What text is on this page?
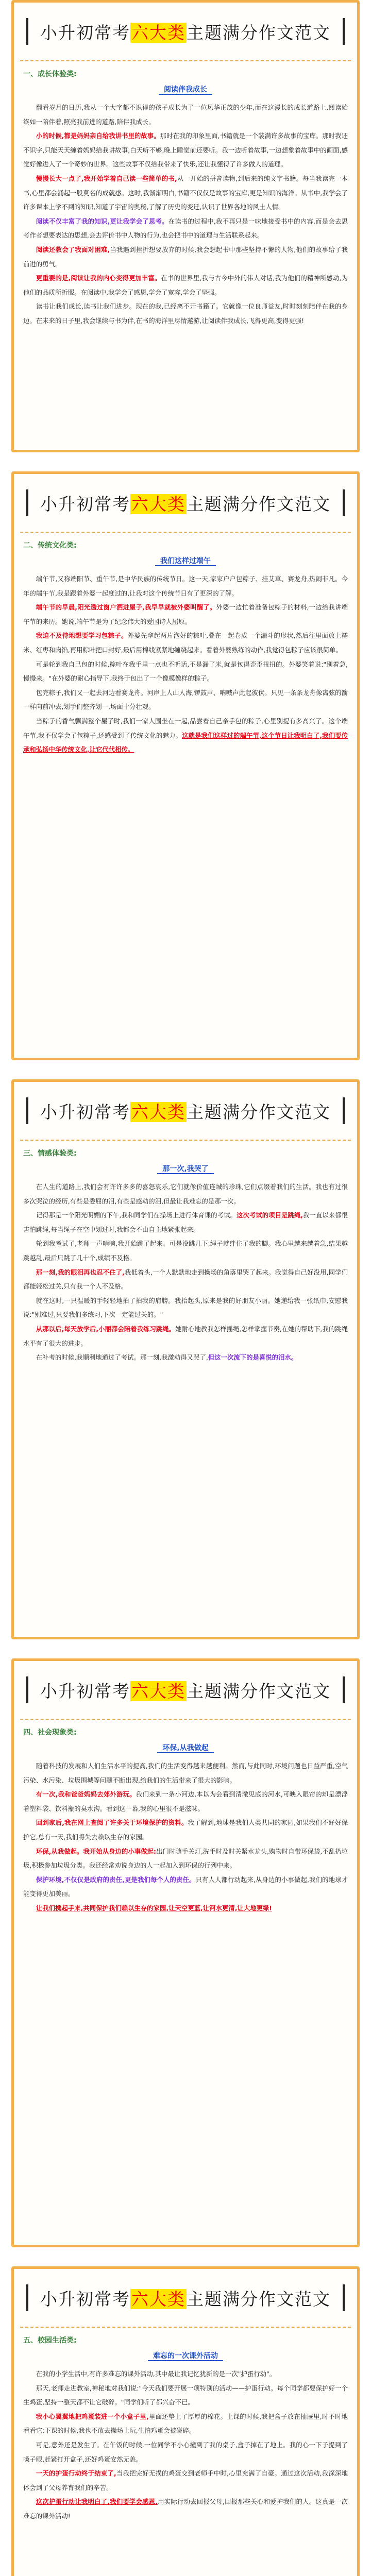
小升初常考六大类主题满分作文范文
一、成长体验类:
阅读伴我成长

翻看岁月的日历,我从一个大字都不识得的孩子成长为了一位风华正茂的少年,而在这漫长的成长道路上,阅读始终如一陪伴着,照亮我前进的道路,陪伴我成长。

小的时候,都是妈妈亲自给我讲书里的故事。那时在我的印象里面,书籍就是一个装满许多故事的宝库。那时我还不识字,只能天天缠着妈妈给我讲故事,白天听不够,晚上睡觉前还要听。我一边听着故事,一边想象着故事中的画面,感觉好像进入了一个奇妙的世界。这些故事不仅给我带来了快乐,还让我懂得了许多做人的道理。

慢慢长大一点了,我开始学着自己读一些简单的书,从一开始的拼音读物,到后来的纯文字书籍。每当我读完一本书,心里都会涌起一股莫名的成就感。这时,我渐渐明白,书籍不仅仅是故事的宝库,更是知识的海洋。从书中,我学会了许多课本上学不到的知识,知道了宇宙的奥秘,了解了历史的变迁,认识了世界各地的风土人情。

阅读不仅丰富了我的知识,更让我学会了思考。在读书的过程中,我不再只是一味地接受书中的内容,而是会去思考作者想要表达的思想,会去评价书中人物的行为,也会把书中的道理与生活联系起来。

阅读还教会了我面对困难,当我遇到挫折想要放弃的时候,我会想起书中那些坚持不懈的人物,他们的故事给了我前进的勇气。

更重要的是,阅读让我的内心变得更加丰富。在书的世界里,我与古今中外的伟人对话,我为他们的精神所感动,为他们的品质所折服。在阅读中,我学会了感恩,学会了宽容,学会了坚强。

读书让我们成长,读书让我们进步。现在的我,已经离不开书籍了。它就像一位良师益友,时时刻刻陪伴在我的身边。在未来的日子里,我会继续与书为伴,在书的海洋里尽情遨游,让阅读伴我成长,飞得更高,变得更强!

小升初常考六大类主题满分作文范文
二、传统文化类:
我们这样过端午

端午节,又称端阳节、重午节,是中华民族的传统节日。这一天,家家户户包粽子、挂艾草、赛龙舟,热闹非凡。今年的端午节,我是跟着外婆一起度过的,让我对这个传统节日有了更深的了解。

端午节的早晨,阳光透过窗户洒进屋子,我早早就被外婆叫醒了。外婆一边忙着准备包粽子的材料,一边给我讲端午节的来历。她说,端午节是为了纪念伟大的爱国诗人屈原。

我迫不及待地想要学习包粽子。外婆先拿起两片泡好的粽叶,叠在一起卷成一个漏斗的形状,然后往里面放上糯米、红枣和肉馅,再用粽叶把口封好,最后用棉线紧紧地缠绕起来。看着外婆熟练的动作,我觉得包粽子应该很简单。

可是轮到我自己包的时候,粽叶在我手里一点也不听话,不是漏了米,就是包得歪歪扭扭的。外婆笑着说:"别着急,慢慢来。"在外婆的耐心指导下,我终于包出了一个像模像样的粽子。

包完粽子,我们又一起去河边看赛龙舟。河岸上人山人海,锣鼓声、呐喊声此起彼伏。只见一条条龙舟像离弦的箭一样向前冲去,划手们整齐划一,场面十分壮观。

当粽子的香气飘满整个屋子时,我们一家人围坐在一起,品尝着自己亲手包的粽子,心里别提有多高兴了。这个端午节,我不仅学会了包粽子,还感受到了传统文化的魅力。这就是我们这样过的端午节,这个节日让我明白了,我们要传承和弘扬中华传统文化,让它代代相传。

小升初常考六大类主题满分作文范文
三、情感体验类:
那一次,我哭了

在人生的道路上,我们会有许许多多的喜怒哀乐,它们就像价值连城的珍珠,它们点缀着我们的生活。我也有过很多次哭泣的经历,有些是委屈的泪,有些是感动的泪,但最让我难忘的是那一次。

记得那是一个阳光明媚的下午,我和同学们在操场上进行体育课的考试。这次考试的项目是跳绳,我一直以来都很害怕跳绳,每当绳子在空中划过时,我都会不由自主地紧张起来。

轮到我考试了,老师一声哨响,我开始跳了起来。可是没跳几下,绳子就绊住了我的脚。我心里越来越着急,结果越跳越乱,最后只跳了几十个,成绩不及格。

那一刻,我的眼泪再也忍不住了,我低着头,一个人默默地走到操场的角落里哭了起来。我觉得自己好没用,同学们都能轻松过关,只有我一个人不及格。

就在这时,一只温暖的手轻轻地拍了拍我的肩膀。我抬起头,原来是我的好朋友小丽。她递给我一张纸巾,安慰我说:"别难过,只要我们多练习,下次一定能过关的。"

从那以后,每天放学后,小丽都会陪着我练习跳绳。她耐心地教我怎样摇绳,怎样掌握节奏,在她的帮助下,我的跳绳水平有了很大的进步。

在补考的时候,我顺利地通过了考试。那一刻,我激动得又哭了,但这一次流下的是喜悦的泪水。

小升初常考六大类主题满分作文范文
四、社会现象类:
环保,从我做起

随着科技的发展和人们生活水平的提高,我们的生活变得越来越便利。然而,与此同时,环境问题也日益严重,空气污染、水污染、垃圾围城等问题不断出现,给我们的生活带来了很大的影响。

有一次,我和爸爸妈妈去郊外游玩。我们来到一条小河边,本以为会看到清澈见底的河水,可映入眼帘的却是漂浮着塑料袋、饮料瓶的臭水沟。看到这一幕,我的心里很不是滋味。

回到家后,我在网上查阅了许多关于环境保护的资料。我了解到,地球是我们人类共同的家园,如果我们不好好保护它,总有一天,我们将失去赖以生存的家园。

环保,从我做起。我开始从身边的小事做起:出门时随手关灯,洗手时及时关紧水龙头,购物时自带环保袋,不乱扔垃圾,积极参加垃圾分类。我还经常劝说身边的人一起加入到环保的行列中来。

保护环境,不仅仅是政府的责任,更是我们每个人的责任。只有人人都行动起来,从身边的小事做起,我们的地球才能变得更加美丽。

让我们携起手来,共同保护我们赖以生存的家园,让天空更蓝,让河水更清,让大地更绿!

小升初常考六大类主题满分作文范文
五、校园生活类:
难忘的一次课外活动

在我的小学生活中,有许多难忘的课外活动,其中最让我记忆犹新的是一次"护蛋行动"。

那天,老师走进教室,神秘地对我们说:"今天我们要开展一项特别的活动——护蛋行动。每个同学都要保护好一个生鸡蛋,坚持一整天都不让它破碎。"同学们听了都兴奋不已。

我小心翼翼地把鸡蛋装进一个小盒子里,里面还垫上了厚厚的棉花。上课的时候,我把盒子放在抽屉里,时不时地看看它;下课的时候,我也不敢去操场上玩,生怕鸡蛋会被碰碎。

可是,意外还是发生了。在午饭的时候,一位同学不小心撞到了我的桌子,盒子掉在了地上。我的心一下子提到了嗓子眼,赶紧打开盒子,还好鸡蛋安然无恙。

一天的护蛋行动终于结束了,当我把完好无损的鸡蛋交到老师手中时,心里充满了自豪。通过这次活动,我深深地体会到了父母养育我们的辛苦。

这次护蛋行动让我明白了,我们要学会感恩,用实际行动去回报父母,回报那些关心和爱护我们的人。这真是一次难忘的课外活动!
